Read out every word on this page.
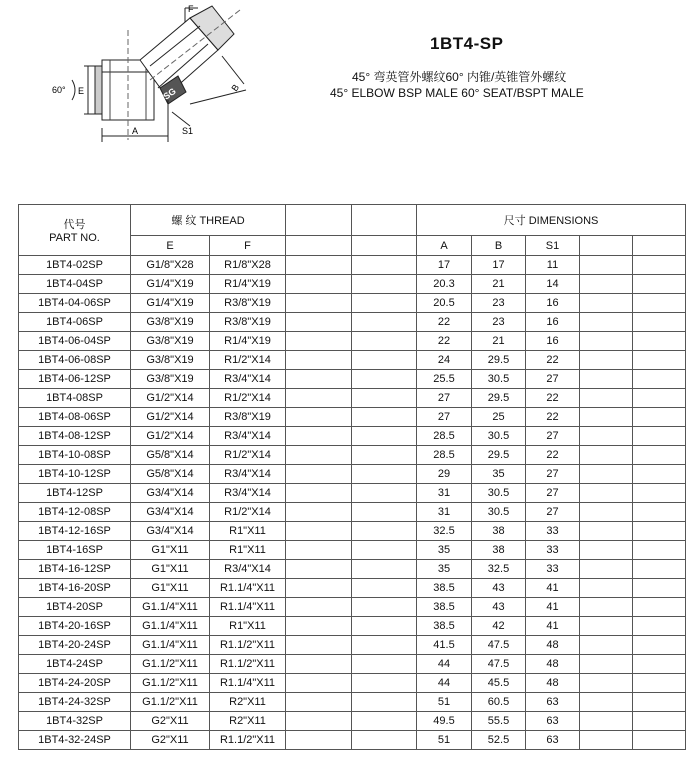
F
60° E
A
B
S1
SG
1BT4-SP
45° 弯英管外螺纹60° 内锥/英锥管外螺纹
45° ELBOW BSP MALE 60° SEAT/BSPT MALE
代号
PART NO.	螺 纹 THREAD				尺寸 DIMENSIONS				
	E	F			A	B	S1		
1BT4-02SP	G1/8"X28	R1/8"X28			17	17	11		
1BT4-04SP	G1/4"X19	R1/4"X19			20.3	21	14		
1BT4-04-06SP	G1/4"X19	R3/8"X19			20.5	23	16		
1BT4-06SP	G3/8"X19	R3/8"X19			22	23	16		
1BT4-06-04SP	G3/8"X19	R1/4"X19			22	21	16		
1BT4-06-08SP	G3/8"X19	R1/2"X14			24	29.5	22		
1BT4-06-12SP	G3/8"X19	R3/4"X14			25.5	30.5	27		
1BT4-08SP	G1/2"X14	R1/2"X14			27	29.5	22		
1BT4-08-06SP	G1/2"X14	R3/8"X19			27	25	22		
1BT4-08-12SP	G1/2"X14	R3/4"X14			28.5	30.5	27		
1BT4-10-08SP	G5/8"X14	R1/2"X14			28.5	29.5	22		
1BT4-10-12SP	G5/8"X14	R3/4"X14			29	35	27		
1BT4-12SP	G3/4"X14	R3/4"X14			31	30.5	27		
1BT4-12-08SP	G3/4"X14	R1/2"X14			31	30.5	27		
1BT4-12-16SP	G3/4"X14	R1"X11			32.5	38	33		
1BT4-16SP	G1"X11	R1"X11			35	38	33		
1BT4-16-12SP	G1"X11	R3/4"X14			35	32.5	33		
1BT4-16-20SP	G1"X11	R1.1/4"X11			38.5	43	41		
1BT4-20SP	G1.1/4"X11	R1.1/4"X11			38.5	43	41		
1BT4-20-16SP	G1.1/4"X11	R1"X11			38.5	42	41		
1BT4-20-24SP	G1.1/4"X11	R1.1/2"X11			41.5	47.5	48		
1BT4-24SP	G1.1/2"X11	R1.1/2"X11			44	47.5	48		
1BT4-24-20SP	G1.1/2"X11	R1.1/4"X11			44	45.5	48		
1BT4-24-32SP	G1.1/2"X11	R2"X11			51	60.5	63		
1BT4-32SP	G2"X11	R2"X11			49.5	55.5	63		
1BT4-32-24SP	G2"X11	R1.1/2"X11			51	52.5	63		
